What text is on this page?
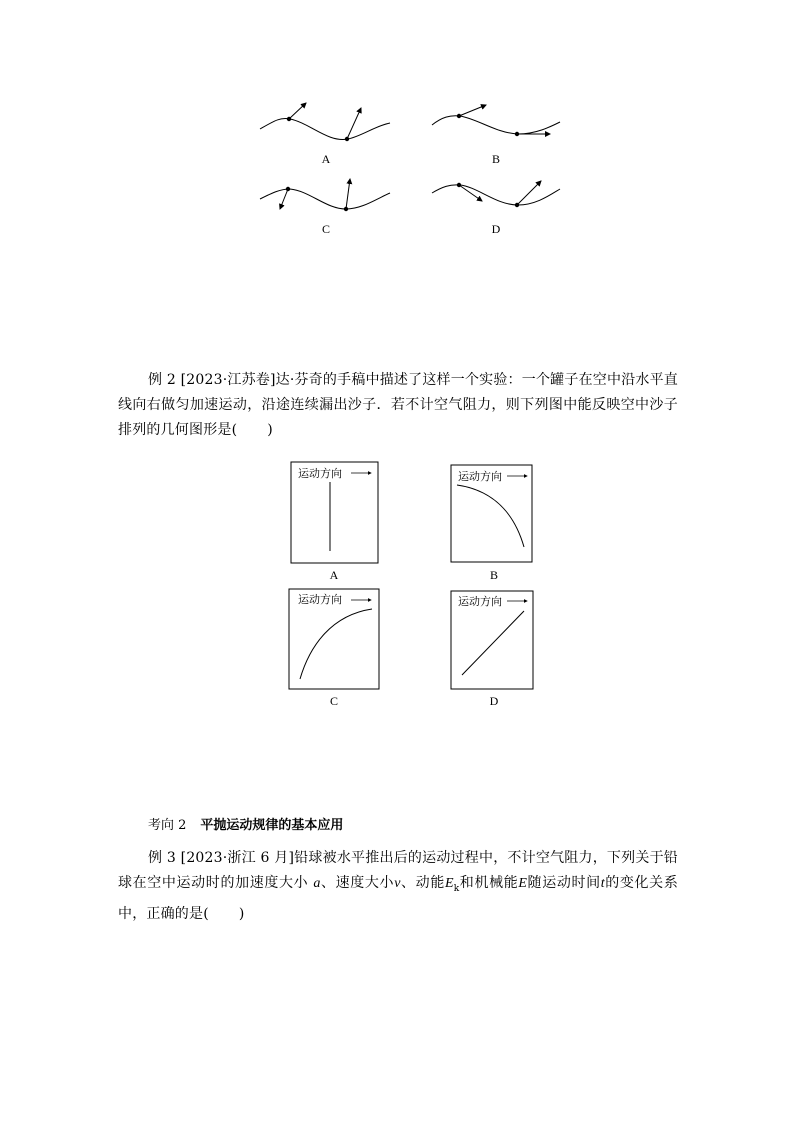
A	B
C	D

例 2 [2023·江苏卷]达·芬奇的手稿中描述了这样一个实验：一个罐子在空中沿水平直线向右做匀加速运动，沿途连续漏出沙子．若不计空气阻力，则下列图中能反映空中沙子排列的几何图形是( )

运动方向
A
运动方向
B
运动方向
C
运动方向
D
考向 2 平抛运动规律的基本应用

例 3 [2023·浙江 6 月]铅球被水平推出后的运动过程中，不计空气阻力，下列关于铅球在空中运动时的加速度大小 a、速度大小v、动能$E_k$和机械能E随运动时间t的变化关系中，正确的是( )
